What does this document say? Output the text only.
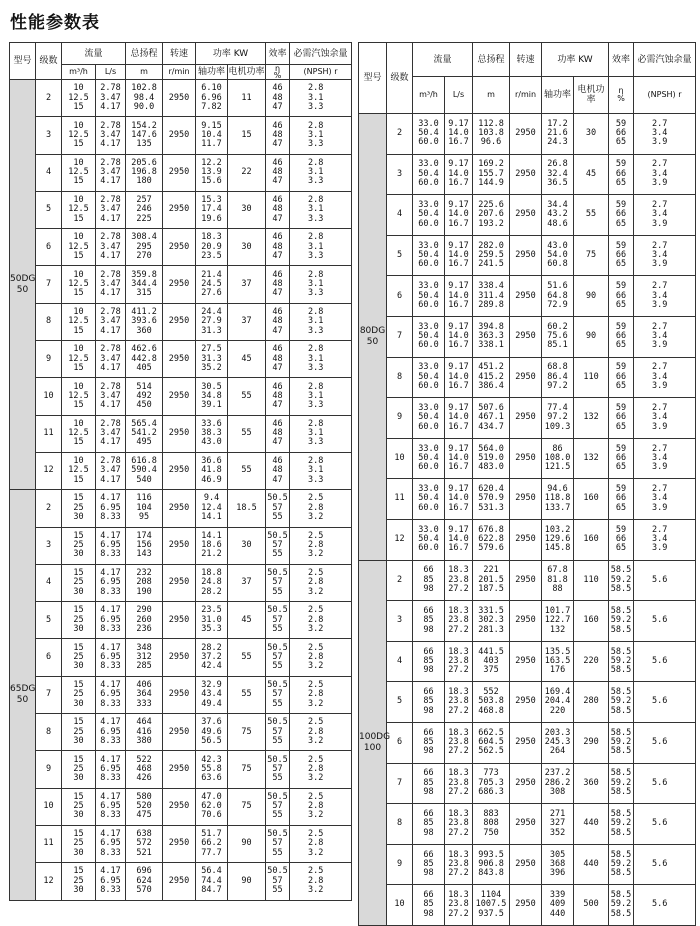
性能参数表
型号	级数	流量		总扬程	转速	功率 KW		效率	必需汽蚀余量
		m³/h	L/s	m	r/min	轴功率	电机功率	η
%	(NPSH) r
50DG
50	2	10
12.5
15	2.78
3.47
4.17	102.8
98.4
90.0	2950	6.10
6.96
7.82	11	46
48
47	2.8
3.1
3.3

	3	10
12.5
15	2.78
3.47
4.17	154.2
147.6
135	2950	9.15
10.4
11.7	15	46
48
47	2.8
3.1
3.3

	4	10
12.5
15	2.78
3.47
4.17	205.6
196.8
180	2950	12.2
13.9
15.6	22	46
48
47	2.8
3.1
3.3

	5	10
12.5
15	2.78
3.47
4.17	257
246
225	2950	15.3
17.4
19.6	30	46
48
47	2.8
3.1
3.3

	6	10
12.5
15	2.78
3.47
4.17	308.4
295
270	2950	18.3
20.9
23.5	30	46
48
47	2.8
3.1
3.3

	7	10
12.5
15	2.78
3.47
4.17	359.8
344.4
315	2950	21.4
24.5
27.6	37	46
48
47	2.8
3.1
3.3

	8	10
12.5
15	2.78
3.47
4.17	411.2
393.6
360	2950	24.4
27.9
31.3	37	46
48
47	2.8
3.1
3.3

	9	10
12.5
15	2.78
3.47
4.17	462.6
442.8
405	2950	27.5
31.3
35.2	45	46
48
47	2.8
3.1
3.3

	10	10
12.5
15	2.78
3.47
4.17	514
492
450	2950	30.5
34.8
39.1	55	46
48
47	2.8
3.1
3.3

	11	10
12.5
15	2.78
3.47
4.17	565.4
541.2
495	2950	33.6
38.3
43.0	55	46
48
47	2.8
3.1
3.3

	12	10
12.5
15	2.78
3.47
4.17	616.8
590.4
540	2950	36.6
41.8
46.9	55	46
48
47	2.8
3.1
3.3

65DG
50	2	15
25
30	4.17
6.95
8.33	116
104
95	2950	9.4
12.4
14.1	18.5	50.5
57
55	2.5
2.8
3.2

	3	15
25
30	4.17
6.95
8.33	174
156
143	2950	14.1
18.6
21.2	30	50.5
57
55	2.5
2.8
3.2

	4	15
25
30	4.17
6.95
8.33	232
208
190	2950	18.8
24.8
28.2	37	50.5
57
55	2.5
2.8
3.2

	5	15
25
30	4.17
6.95
8.33	290
260
236	2950	23.5
31.0
35.3	45	50.5
57
55	2.5
2.8
3.2

	6	15
25
30	4.17
6.95
8.33	348
312
285	2950	28.2
37.2
42.4	55	50.5
57
55	2.5
2.8
3.2

	7	15
25
30	4.17
6.95
8.33	406
364
333	2950	32.9
43.4
49.4	55	50.5
57
55	2.5
2.8
3.2

	8	15
25
30	4.17
6.95
8.33	464
416
380	2950	37.6
49.6
56.5	75	50.5
57
55	2.5
2.8
3.2

	9	15
25
30	4.17
6.95
8.33	522
468
426	2950	42.3
55.8
63.6	75	50.5
57
55	2.5
2.8
3.2

	10	15
25
30	4.17
6.95
8.33	580
520
475	2950	47.0
62.0
70.6	75	50.5
57
55	2.5
2.8
3.2

	11	15
25
30	4.17
6.95
8.33	638
572
521	2950	51.7
66.2
77.7	90	50.5
57
55	2.5
2.8
3.2

	12	15
25
30	4.17
6.95
8.33	696
624
570	2950	56.4
74.4
84.7	90	50.5
57
55	2.5
2.8
3.2
型号	级数	流量		总扬程	转速	功率 KW		效率	必需汽蚀余量
		m³/h	L/s	m	r/min	轴功率	电机功率	η
%	(NPSH) r
80DG
50	2	33.0
50.4
60.0	9.17
14.0
16.7	112.8
103.8
96.6	2950	17.2
21.6
24.3	30	59
66
65	2.7
3.4
3.9

	3	33.0
50.4
60.0	9.17
14.0
16.7	169.2
155.7
144.9	2950	26.8
32.4
36.5	45	59
66
65	2.7
3.4
3.9

	4	33.0
50.4
60.0	9.17
14.0
16.7	225.6
207.6
193.2	2950	34.4
43.2
48.6	55	59
66
65	2.7
3.4
3.9

	5	33.0
50.4
60.0	9.17
14.0
16.7	282.0
259.5
241.5	2950	43.0
54.0
60.8	75	59
66
65	2.7
3.4
3.9

	6	33.0
50.4
60.0	9.17
14.0
16.7	338.4
311.4
289.8	2950	51.6
64.8
72.9	90	59
66
65	2.7
3.4
3.9

	7	33.0
50.4
60.0	9.17
14.0
16.7	394.8
363.3
338.1	2950	60.2
75.6
85.1	90	59
66
65	2.7
3.4
3.9

	8	33.0
50.4
60.0	9.17
14.0
16.7	451.2
415.2
386.4	2950	68.8
86.4
97.2	110	59
66
65	2.7
3.4
3.9

	9	33.0
50.4
60.0	9.17
14.0
16.7	507.6
467.1
434.7	2950	77.4
97.2
109.3	132	59
66
65	2.7
3.4
3.9

	10	33.0
50.4
60.0	9.17
14.0
16.7	564.0
519.0
483.0	2950	86
108.0
121.5	132	59
66
65	2.7
3.4
3.9

	11	33.0
50.4
60.0	9.17
14.0
16.7	620.4
570.9
531.3	2950	94.6
118.8
133.7	160	59
66
65	2.7
3.4
3.9

	12	33.0
50.4
60.0	9.17
14.0
16.7	676.8
622.8
579.6	2950	103.2
129.6
145.8	160	59
66
65	2.7
3.4
3.9

100DG
100	2	66
85
98	18.3
23.8
27.2	221
201.5
187.5	2950	67.8
81.8
88	110	58.5
59.2
58.5	5.6

	3	66
85
98	18.3
23.8
27.2	331.5
302.3
281.3	2950	101.7
122.7
132	160	58.5
59.2
58.5	5.6

	4	66
85
98	18.3
23.8
27.2	441.5
403
375	2950	135.5
163.5
176	220	58.5
59.2
58.5	5.6

	5	66
85
98	18.3
23.8
27.2	552
503.8
468.8	2950	169.4
204.4
220	280	58.5
59.2
58.5	5.6

	6	66
85
98	18.3
23.8
27.2	662.5
604.5
562.5	2950	203.3
245.3
264	290	58.5
59.2
58.5	5.6

	7	66
85
98	18.3
23.8
27.2	773
705.3
686.3	2950	237.2
286.2
308	360	58.5
59.2
58.5	5.6

	8	66
85
98	18.3
23.8
27.2	883
808
750	2950	271
327
352	440	58.5
59.2
58.5	5.6

	9	66
85
98	18.3
23.8
27.2	993.5
906.8
843.8	2950	305
368
396	440	58.5
59.2
58.5	5.6

	10	66
85
98	18.3
23.8
27.2	1104
1007.5
937.5	2950	339
409
440	500	58.5
59.2
58.5	5.6
